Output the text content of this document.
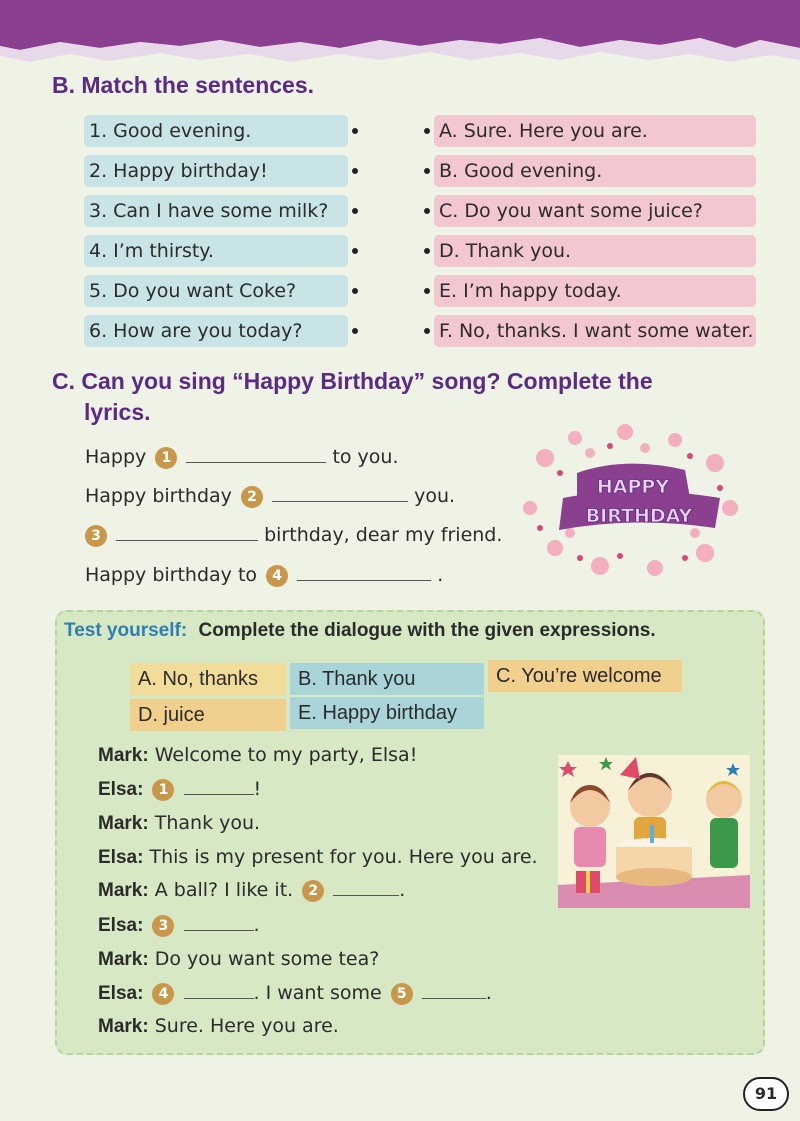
B. Match the sentences.
1. Good evening.
2. Happy birthday!
3. Can I have some milk?
4. I’m thirsty.
5. Do you want Coke?
6. How are you today?
A. Sure. Here you are.
B. Good evening.
C. Do you want some juice?
D. Thank you.
E. I’m happy today.
F. No, thanks. I want some water.
C. Can you sing “Happy Birthday” song? Complete the
lyrics.
Happy 1	to you.
Happy birthday 2	you.
3	birthday, dear my friend.
Happy birthday to 4	.
HAPPY
BIRTHDAY
Test yourself: Complete the dialogue with the given expressions.
A. No, thanks	B. Thank you	C. You’re welcome
D. juice	E. Happy birthday
Mark: Welcome to my party, Elsa!
Elsa: 1	!
Mark: Thank you.
Elsa: This is my present for you. Here you are.
Mark: A ball? I like it. 2	.
Elsa: 3	.
Mark: Do you want some tea?
Elsa: 4	. I want some 5	.
Mark: Sure. Here you are.
91
